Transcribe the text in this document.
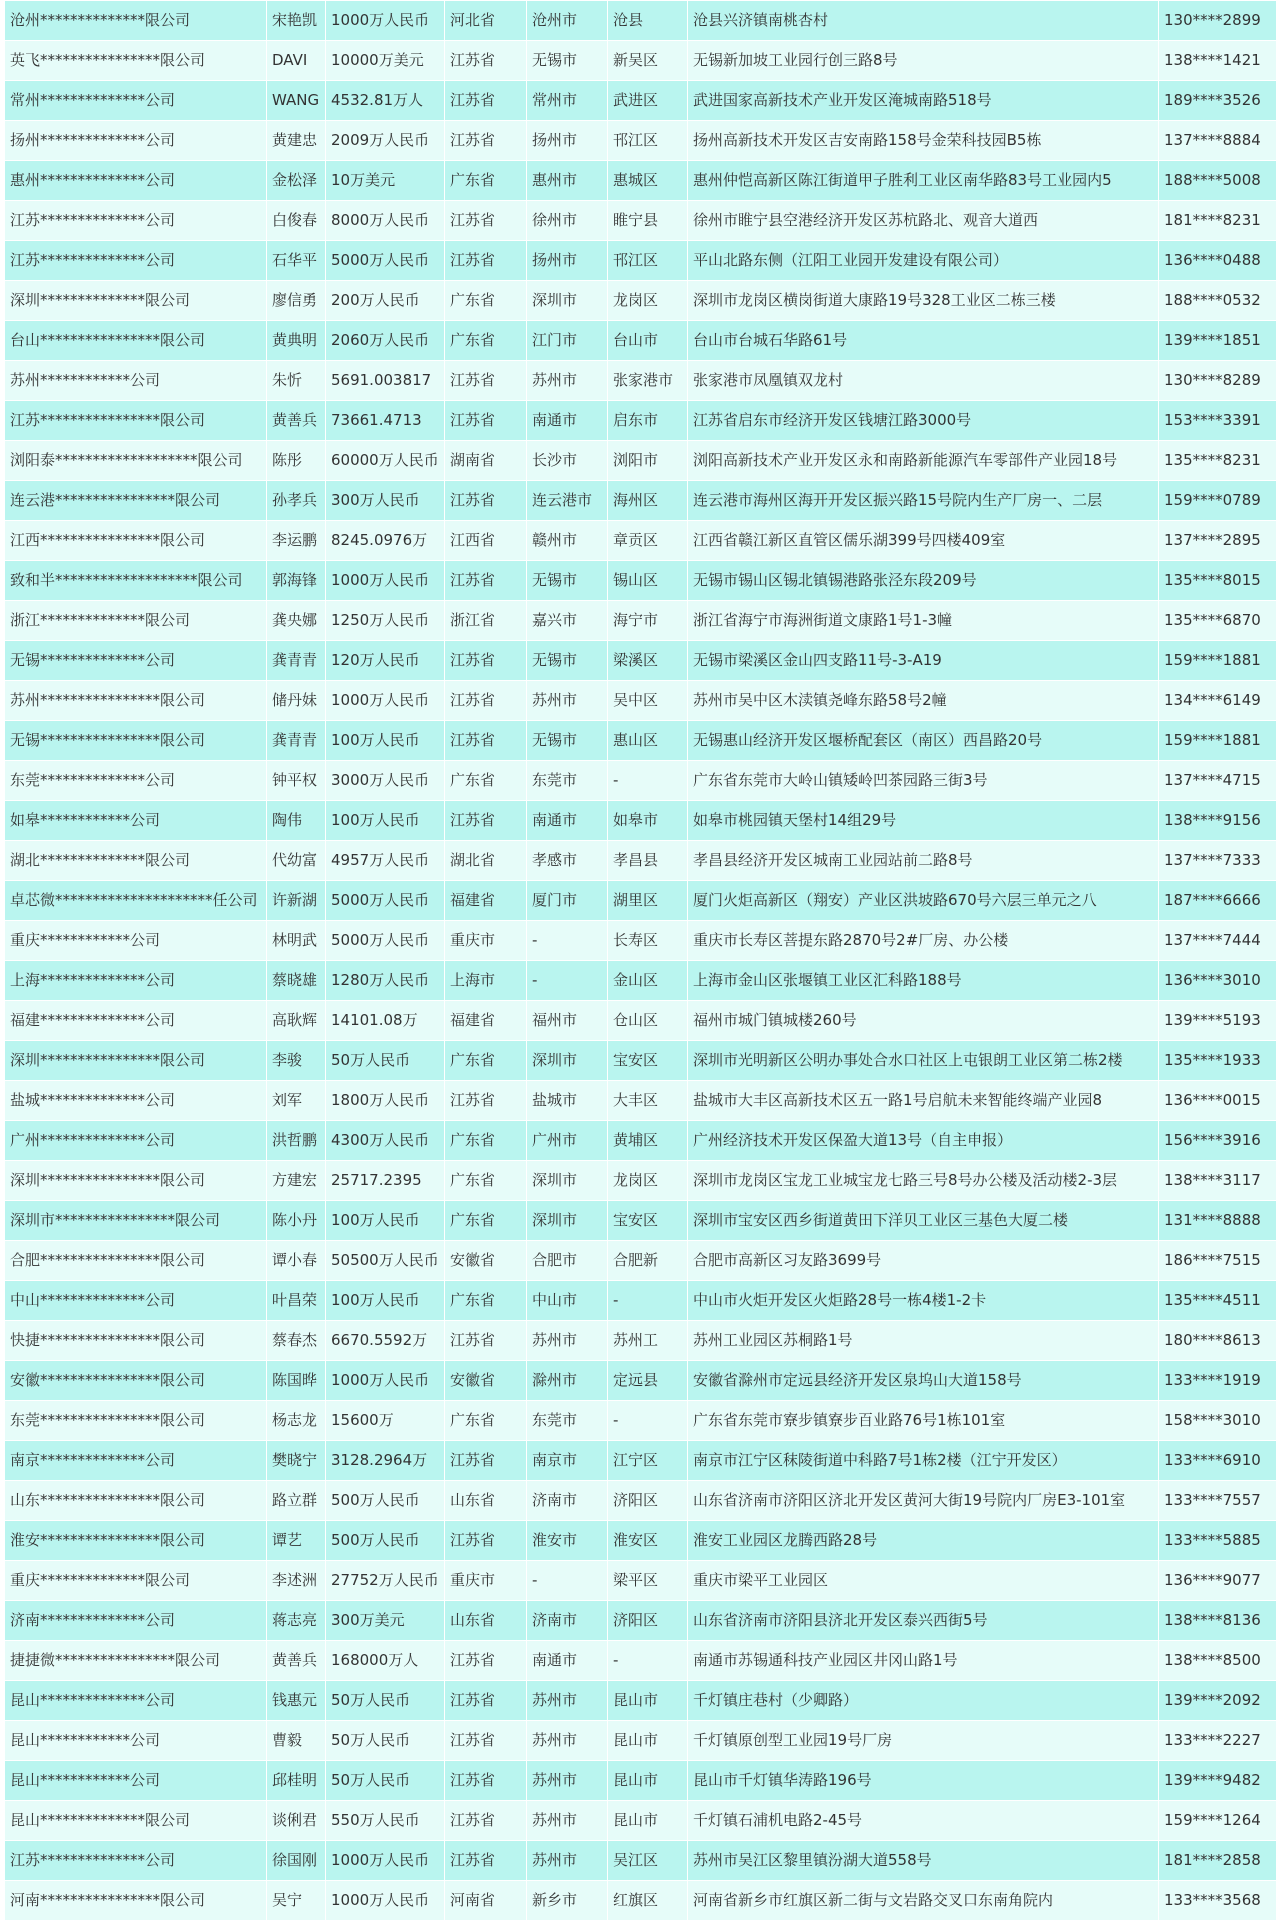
沧州**************限公司	宋艳凯	1000万人民币	河北省	沧州市	沧县	沧县兴济镇南桃杏村	130****2899
英飞****************限公司	DAVI	10000万美元	江苏省	无锡市	新吴区	无锡新加坡工业园行创三路8号	138****1421
常州**************公司	WANG	4532.81万人	江苏省	常州市	武进区	武进国家高新技术产业开发区淹城南路518号	189****3526
扬州**************公司	黄建忠	2009万人民币	江苏省	扬州市	邗江区	扬州高新技术开发区吉安南路158号金荣科技园B5栋	137****8884
惠州**************公司	金松泽	10万美元	广东省	惠州市	惠城区	惠州仲恺高新区陈江街道甲子胜利工业区南华路83号工业园内5	188****5008
江苏**************公司	白俊春	8000万人民币	江苏省	徐州市	睢宁县	徐州市睢宁县空港经济开发区苏杭路北、观音大道西	181****8231
江苏**************公司	石华平	5000万人民币	江苏省	扬州市	邗江区	平山北路东侧（江阳工业园开发建设有限公司）	136****0488
深圳**************限公司	廖信勇	200万人民币	广东省	深圳市	龙岗区	深圳市龙岗区横岗街道大康路19号328工业区二栋三楼	188****0532
台山****************限公司	黄典明	2060万人民币	广东省	江门市	台山市	台山市台城石华路61号	139****1851
苏州************公司	朱忻	5691.003817	江苏省	苏州市	张家港市	张家港市凤凰镇双龙村	130****8289
江苏****************限公司	黄善兵	73661.4713	江苏省	南通市	启东市	江苏省启东市经济开发区钱塘江路3000号	153****3391
浏阳泰*******************限公司	陈彤	60000万人民币	湖南省	长沙市	浏阳市	浏阳高新技术产业开发区永和南路新能源汽车零部件产业园18号	135****8231
连云港****************限公司	孙孝兵	300万人民币	江苏省	连云港市	海州区	连云港市海州区海开开发区振兴路15号院内生产厂房一、二层	159****0789
江西****************限公司	李运鹏	8245.0976万	江西省	赣州市	章贡区	江西省赣江新区直管区儒乐湖399号四楼409室	137****2895
致和半*******************限公司	郭海锋	1000万人民币	江苏省	无锡市	锡山区	无锡市锡山区锡北镇锡港路张泾东段209号	135****8015
浙江**************限公司	龚央娜	1250万人民币	浙江省	嘉兴市	海宁市	浙江省海宁市海洲街道文康路1号1-3幢	135****6870
无锡**************公司	龚青青	120万人民币	江苏省	无锡市	梁溪区	无锡市梁溪区金山四支路11号-3-A19	159****1881
苏州****************限公司	储丹妹	1000万人民币	江苏省	苏州市	吴中区	苏州市吴中区木渎镇尧峰东路58号2幢	134****6149
无锡****************限公司	龚青青	100万人民币	江苏省	无锡市	惠山区	无锡惠山经济开发区堰桥配套区（南区）西昌路20号	159****1881
东莞**************公司	钟平权	3000万人民币	广东省	东莞市	-	广东省东莞市大岭山镇矮岭凹茶园路三街3号	137****4715
如皋************公司	陶伟	100万人民币	江苏省	南通市	如皋市	如皋市桃园镇天堡村14组29号	138****9156
湖北**************限公司	代幼富	4957万人民币	湖北省	孝感市	孝昌县	孝昌县经济开发区城南工业园站前二路8号	137****7333
卓芯微*********************任公司	许新湖	5000万人民币	福建省	厦门市	湖里区	厦门火炬高新区（翔安）产业区洪坡路670号六层三单元之八	187****6666
重庆************公司	林明武	5000万人民币	重庆市	-	长寿区	重庆市长寿区菩提东路2870号2#厂房、办公楼	137****7444
上海**************公司	蔡晓雄	1280万人民币	上海市	-	金山区	上海市金山区张堰镇工业区汇科路188号	136****3010
福建**************公司	高耿辉	14101.08万	福建省	福州市	仓山区	福州市城门镇城楼260号	139****5193
深圳****************限公司	李骏	50万人民币	广东省	深圳市	宝安区	深圳市光明新区公明办事处合水口社区上屯银朗工业区第二栋2楼	135****1933
盐城**************公司	刘军	1800万人民币	江苏省	盐城市	大丰区	盐城市大丰区高新技术区五一路1号启航未来智能终端产业园8	136****0015
广州**************公司	洪哲鹏	4300万人民币	广东省	广州市	黄埔区	广州经济技术开发区保盈大道13号（自主申报）	156****3916
深圳****************限公司	方建宏	25717.2395	广东省	深圳市	龙岗区	深圳市龙岗区宝龙工业城宝龙七路三号8号办公楼及活动楼2-3层	138****3117
深圳市****************限公司	陈小丹	100万人民币	广东省	深圳市	宝安区	深圳市宝安区西乡街道黄田下洋贝工业区三基色大厦二楼	131****8888
合肥****************限公司	谭小春	50500万人民币	安徽省	合肥市	合肥新	合肥市高新区习友路3699号	186****7515
中山**************公司	叶昌荣	100万人民币	广东省	中山市	-	中山市火炬开发区火炬路28号一栋4楼1-2卡	135****4511
快捷****************限公司	蔡春杰	6670.5592万	江苏省	苏州市	苏州工	苏州工业园区苏桐路1号	180****8613
安徽****************限公司	陈国晔	1000万人民币	安徽省	滁州市	定远县	安徽省滁州市定远县经济开发区泉坞山大道158号	133****1919
东莞****************限公司	杨志龙	15600万	广东省	东莞市	-	广东省东莞市寮步镇寮步百业路76号1栋101室	158****3010
南京**************公司	樊晓宁	3128.2964万	江苏省	南京市	江宁区	南京市江宁区秣陵街道中科路7号1栋2楼（江宁开发区）	133****6910
山东****************限公司	路立群	500万人民币	山东省	济南市	济阳区	山东省济南市济阳区济北开发区黄河大街19号院内厂房E3-101室	133****7557
淮安****************限公司	谭艺	500万人民币	江苏省	淮安市	淮安区	淮安工业园区龙腾西路28号	133****5885
重庆**************限公司	李述洲	27752万人民币	重庆市	-	梁平区	重庆市梁平工业园区	136****9077
济南**************公司	蒋志亮	300万美元	山东省	济南市	济阳区	山东省济南市济阳县济北开发区泰兴西街5号	138****8136
捷捷微****************限公司	黄善兵	168000万人	江苏省	南通市	-	南通市苏锡通科技产业园区井冈山路1号	138****8500
昆山**************公司	钱惠元	50万人民币	江苏省	苏州市	昆山市	千灯镇庄巷村（少卿路）	139****2092
昆山************公司	曹毅	50万人民币	江苏省	苏州市	昆山市	千灯镇原创型工业园19号厂房	133****2227
昆山************公司	邱桂明	50万人民币	江苏省	苏州市	昆山市	昆山市千灯镇华涛路196号	139****9482
昆山**************限公司	谈俐君	550万人民币	江苏省	苏州市	昆山市	千灯镇石浦机电路2-45号	159****1264
江苏**************公司	徐国刚	1000万人民币	江苏省	苏州市	吴江区	苏州市吴江区黎里镇汾湖大道558号	181****2858
河南****************限公司	吴宁	1000万人民币	河南省	新乡市	红旗区	河南省新乡市红旗区新二街与文岩路交叉口东南角院内	133****3568
